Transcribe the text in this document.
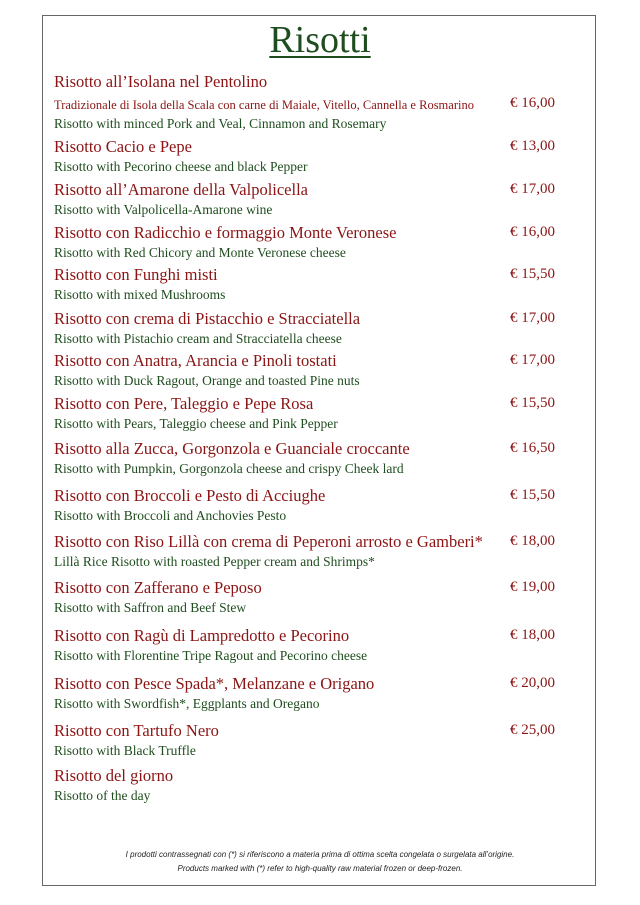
Risotti
Risotto all’Isolana nel Pentolino
Tradizionale di Isola della Scala con carne di Maiale, Vitello, Cannella e Rosmarino
Risotto with minced Pork and Veal, Cinnamon and Rosemary
€ 16,00
Risotto Cacio e Pepe
Risotto with Pecorino cheese and black Pepper
€ 13,00
Risotto all’Amarone della Valpolicella
Risotto with Valpolicella-Amarone wine
€ 17,00
Risotto con Radicchio e formaggio Monte Veronese
Risotto with Red Chicory and Monte Veronese cheese
€ 16,00
Risotto con Funghi misti
Risotto with mixed Mushrooms
€ 15,50
Risotto con crema di Pistacchio e Stracciatella
Risotto with Pistachio cream and Stracciatella cheese
€ 17,00
Risotto con Anatra, Arancia e Pinoli tostati
Risotto with Duck Ragout, Orange and toasted Pine nuts
€ 17,00
Risotto con Pere, Taleggio e Pepe Rosa
Risotto with Pears, Taleggio cheese and Pink Pepper
€ 15,50
Risotto alla Zucca, Gorgonzola e Guanciale croccante
Risotto with Pumpkin, Gorgonzola cheese and crispy Cheek lard
€ 16,50
Risotto con Broccoli e Pesto di Acciughe
Risotto with Broccoli and Anchovies Pesto
€ 15,50
Risotto con Riso Lillà con crema di Peperoni arrosto e Gamberi*
Lillà Rice Risotto with roasted Pepper cream and Shrimps*
€ 18,00
Risotto con Zafferano e Peposo
Risotto with Saffron and Beef Stew
€ 19,00
Risotto con Ragù di Lampredotto e Pecorino
Risotto with Florentine Tripe Ragout and Pecorino cheese
€ 18,00
Risotto con Pesce Spada*, Melanzane e Origano
Risotto with Swordfish*, Eggplants and Oregano
€ 20,00
Risotto con Tartufo Nero
Risotto with Black Truffle
€ 25,00
Risotto del giorno
Risotto of the day
I prodotti contrassegnati con (*) si riferiscono a materia prima di ottima scelta congelata o surgelata all’origine.
Products marked with (*) refer to high-quality raw material frozen or deep-frozen.
